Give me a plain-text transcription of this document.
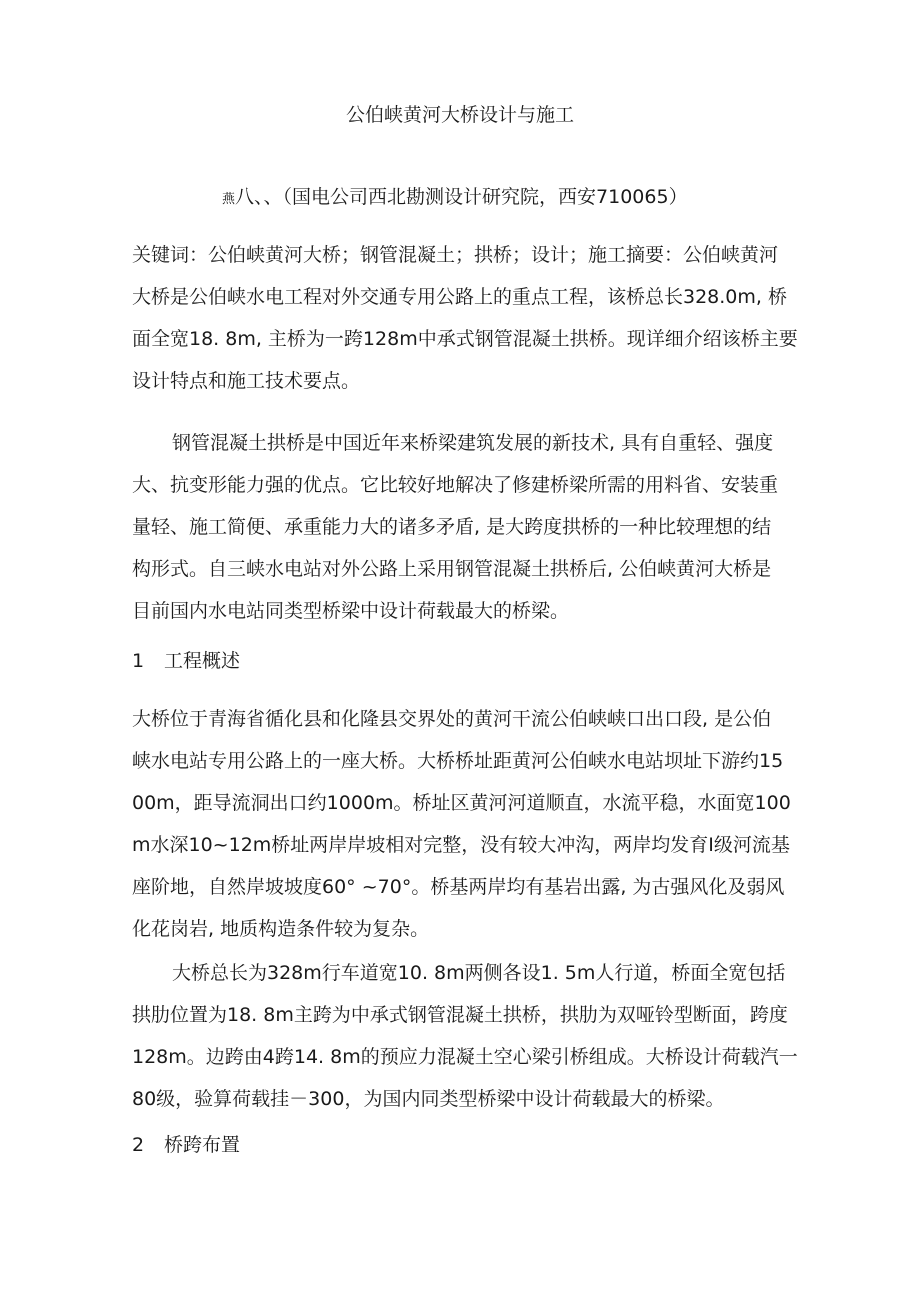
公伯峡黄河大桥设计与施工
燕八、、（国电公司西北勘测设计研究院，西安710065）
关键词：公伯峡黄河大桥；钢管混凝土；拱桥；设计；施工摘要：公伯峡黄河
大桥是公伯峡水电工程对外交通专用公路上的重点工程，该桥总长328.0m, 桥
面全宽18. 8m, 主桥为一跨128m中承式钢管混凝土拱桥。现详细介绍该桥主要
设计特点和施工技术要点。
钢管混凝土拱桥是中国近年来桥梁建筑发展的新技术, 具有自重轻、强度
大、抗变形能力强的优点。它比较好地解决了修建桥梁所需的用料省、安装重
量轻、施工简便、承重能力大的诸多矛盾, 是大跨度拱桥的一种比较理想的结
构形式。自三峡水电站对外公路上采用钢管混凝土拱桥后, 公伯峡黄河大桥是
目前国内水电站同类型桥梁中设计荷载最大的桥梁。
1 工程概述
大桥位于青海省循化县和化隆县交界处的黄河干流公伯峡峡口出口段, 是公伯
峡水电站专用公路上的一座大桥。大桥桥址距黄河公伯峡水电站坝址下游约15
00m，距导流洞出口约1000m。桥址区黄河河道顺直，水流平稳，水面宽100
m水深10~12m桥址两岸岸坡相对完整，没有较大冲沟，两岸均发育I级河流基
座阶地，自然岸坡坡度60° ~70°。桥基两岸均有基岩出露, 为古强风化及弱风
化花岗岩, 地质构造条件较为复杂。
大桥总长为328m行车道宽10. 8m两侧各设1. 5m人行道，桥面全宽包括
拱肋位置为18. 8m主跨为中承式钢管混凝土拱桥，拱肋为双哑铃型断面，跨度
128m。边跨由4跨14. 8m的预应力混凝土空心梁引桥组成。大桥设计荷载汽一
80级，验算荷载挂－300，为国内同类型桥梁中设计荷载最大的桥梁。
2 桥跨布置
